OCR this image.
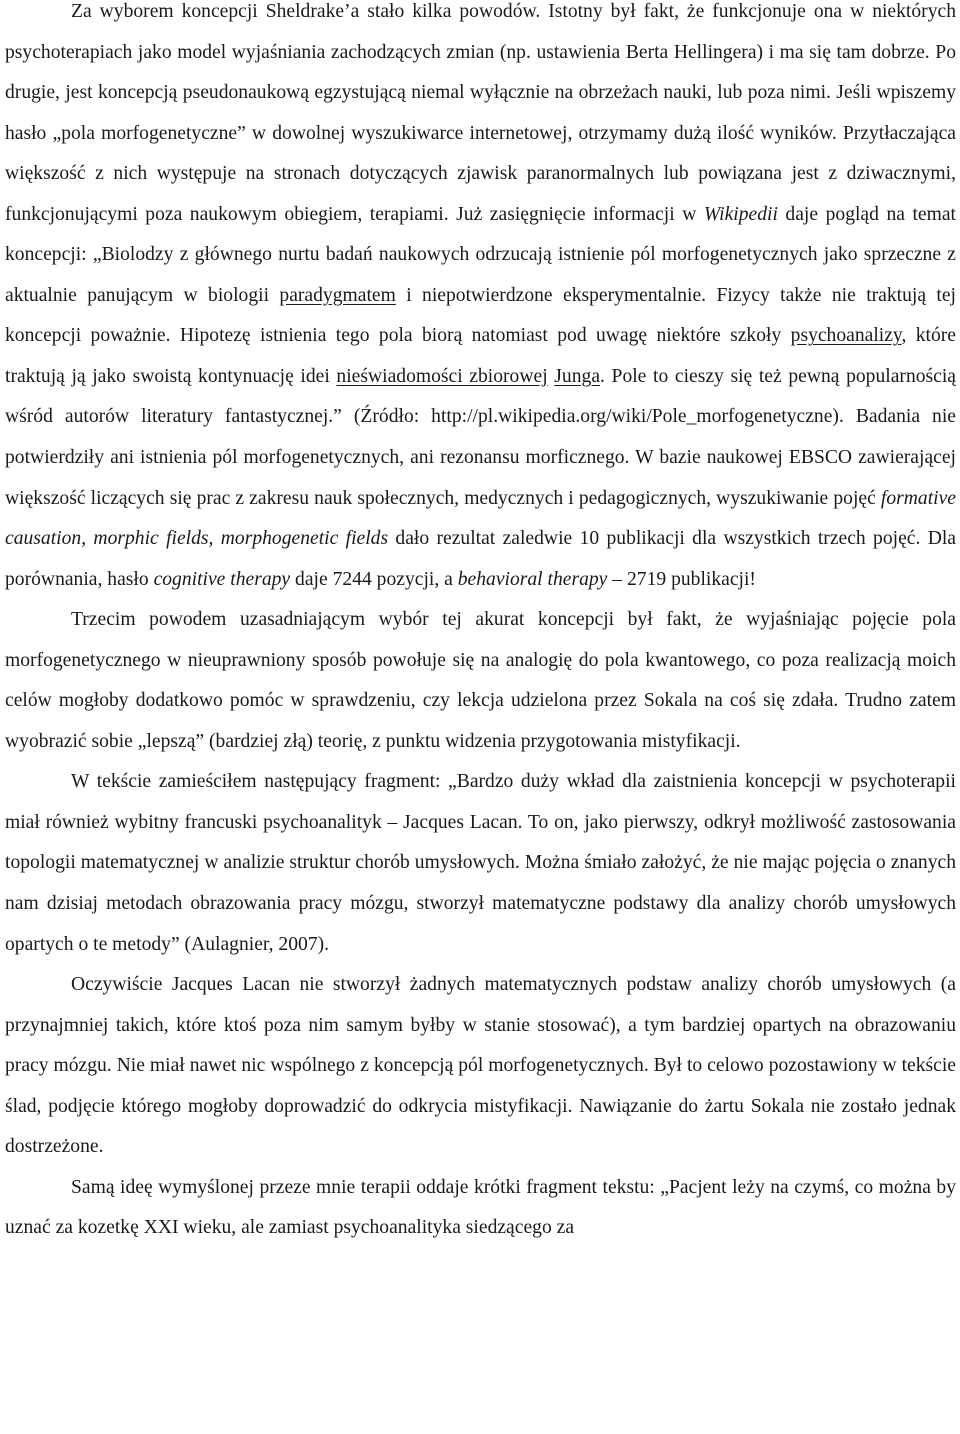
Za wyborem koncepcji Sheldrake’a stało kilka powodów. Istotny był fakt, że funkcjonuje ona w niektórych psychoterapiach jako model wyjaśniania zachodzących zmian (np. ustawienia Berta Hellingera) i ma się tam dobrze. Po drugie, jest koncepcją pseudonaukową egzystującą niemal wyłącznie na obrzeżach nauki, lub poza nimi. Jeśli wpiszemy hasło „pola morfogenetyczne” w dowolnej wyszukiwarce internetowej, otrzymamy dużą ilość wyników. Przytłaczająca większość z nich występuje na stronach dotyczących zjawisk paranormalnych lub powiązana jest z dziwacznymi, funkcjonującymi poza naukowym obiegiem, terapiami. Już zasięgnięcie informacji w Wikipedii daje pogląd na temat koncepcji: „Biolodzy z głównego nurtu badań naukowych odrzucają istnienie pól morfogenetycznych jako sprzeczne z aktualnie panującym w biologii paradygmatem i niepotwierdzone eksperymentalnie. Fizycy także nie traktują tej koncepcji poważnie. Hipotezę istnienia tego pola biorą natomiast pod uwagę niektóre szkoły psychoanalizy, które traktują ją jako swoistą kontynuację idei nieświadomości zbiorowej Junga. Pole to cieszy się też pewną popularnością wśród autorów literatury fantastycznej.” (Źródło: http://pl.wikipedia.org/wiki/Pole_morfogenetyczne). Badania nie potwierdziły ani istnienia pól morfogenetycznych, ani rezonansu morficznego. W bazie naukowej EBSCO zawierającej większość liczących się prac z zakresu nauk społecznych, medycznych i pedagogicznych, wyszukiwanie pojęć formative causation, morphic fields, morphogenetic fields dało rezultat zaledwie 10 publikacji dla wszystkich trzech pojęć. Dla porównania, hasło cognitive therapy daje 7244 pozycji, a behavioral therapy – 2719 publikacji!

Trzecim powodem uzasadniającym wybór tej akurat koncepcji był fakt, że wyjaśniając pojęcie pola morfogenetycznego w nieuprawniony sposób powołuje się na analogię do pola kwantowego, co poza realizacją moich celów mogłoby dodatkowo pomóc w sprawdzeniu, czy lekcja udzielona przez Sokala na coś się zdała. Trudno zatem wyobrazić sobie „lepszą” (bardziej złą) teorię, z punktu widzenia przygotowania mistyfikacji.

W tekście zamieściłem następujący fragment: „Bardzo duży wkład dla zaistnienia koncepcji w psychoterapii miał również wybitny francuski psychoanalityk – Jacques Lacan. To on, jako pierwszy, odkrył możliwość zastosowania topologii matematycznej w analizie struktur chorób umysłowych. Można śmiało założyć, że nie mając pojęcia o znanych nam dzisiaj metodach obrazowania pracy mózgu, stworzył matematyczne podstawy dla analizy chorób umysłowych opartych o te metody” (Aulagnier, 2007).

Oczywiście Jacques Lacan nie stworzył żadnych matematycznych podstaw analizy chorób umysłowych (a przynajmniej takich, które ktoś poza nim samym byłby w stanie stosować), a tym bardziej opartych na obrazowaniu pracy mózgu. Nie miał nawet nic wspólnego z koncepcją pól morfogenetycznych. Był to celowo pozostawiony w tekście ślad, podjęcie którego mogłoby doprowadzić do odkrycia mistyfikacji. Nawiązanie do żartu Sokala nie zostało jednak dostrzeżone.

Samą ideę wymyślonej przeze mnie terapii oddaje krótki fragment tekstu: „Pacjent leży na czymś, co można by uznać za kozetkę XXI wieku, ale zamiast psychoanalityka siedzącego za
